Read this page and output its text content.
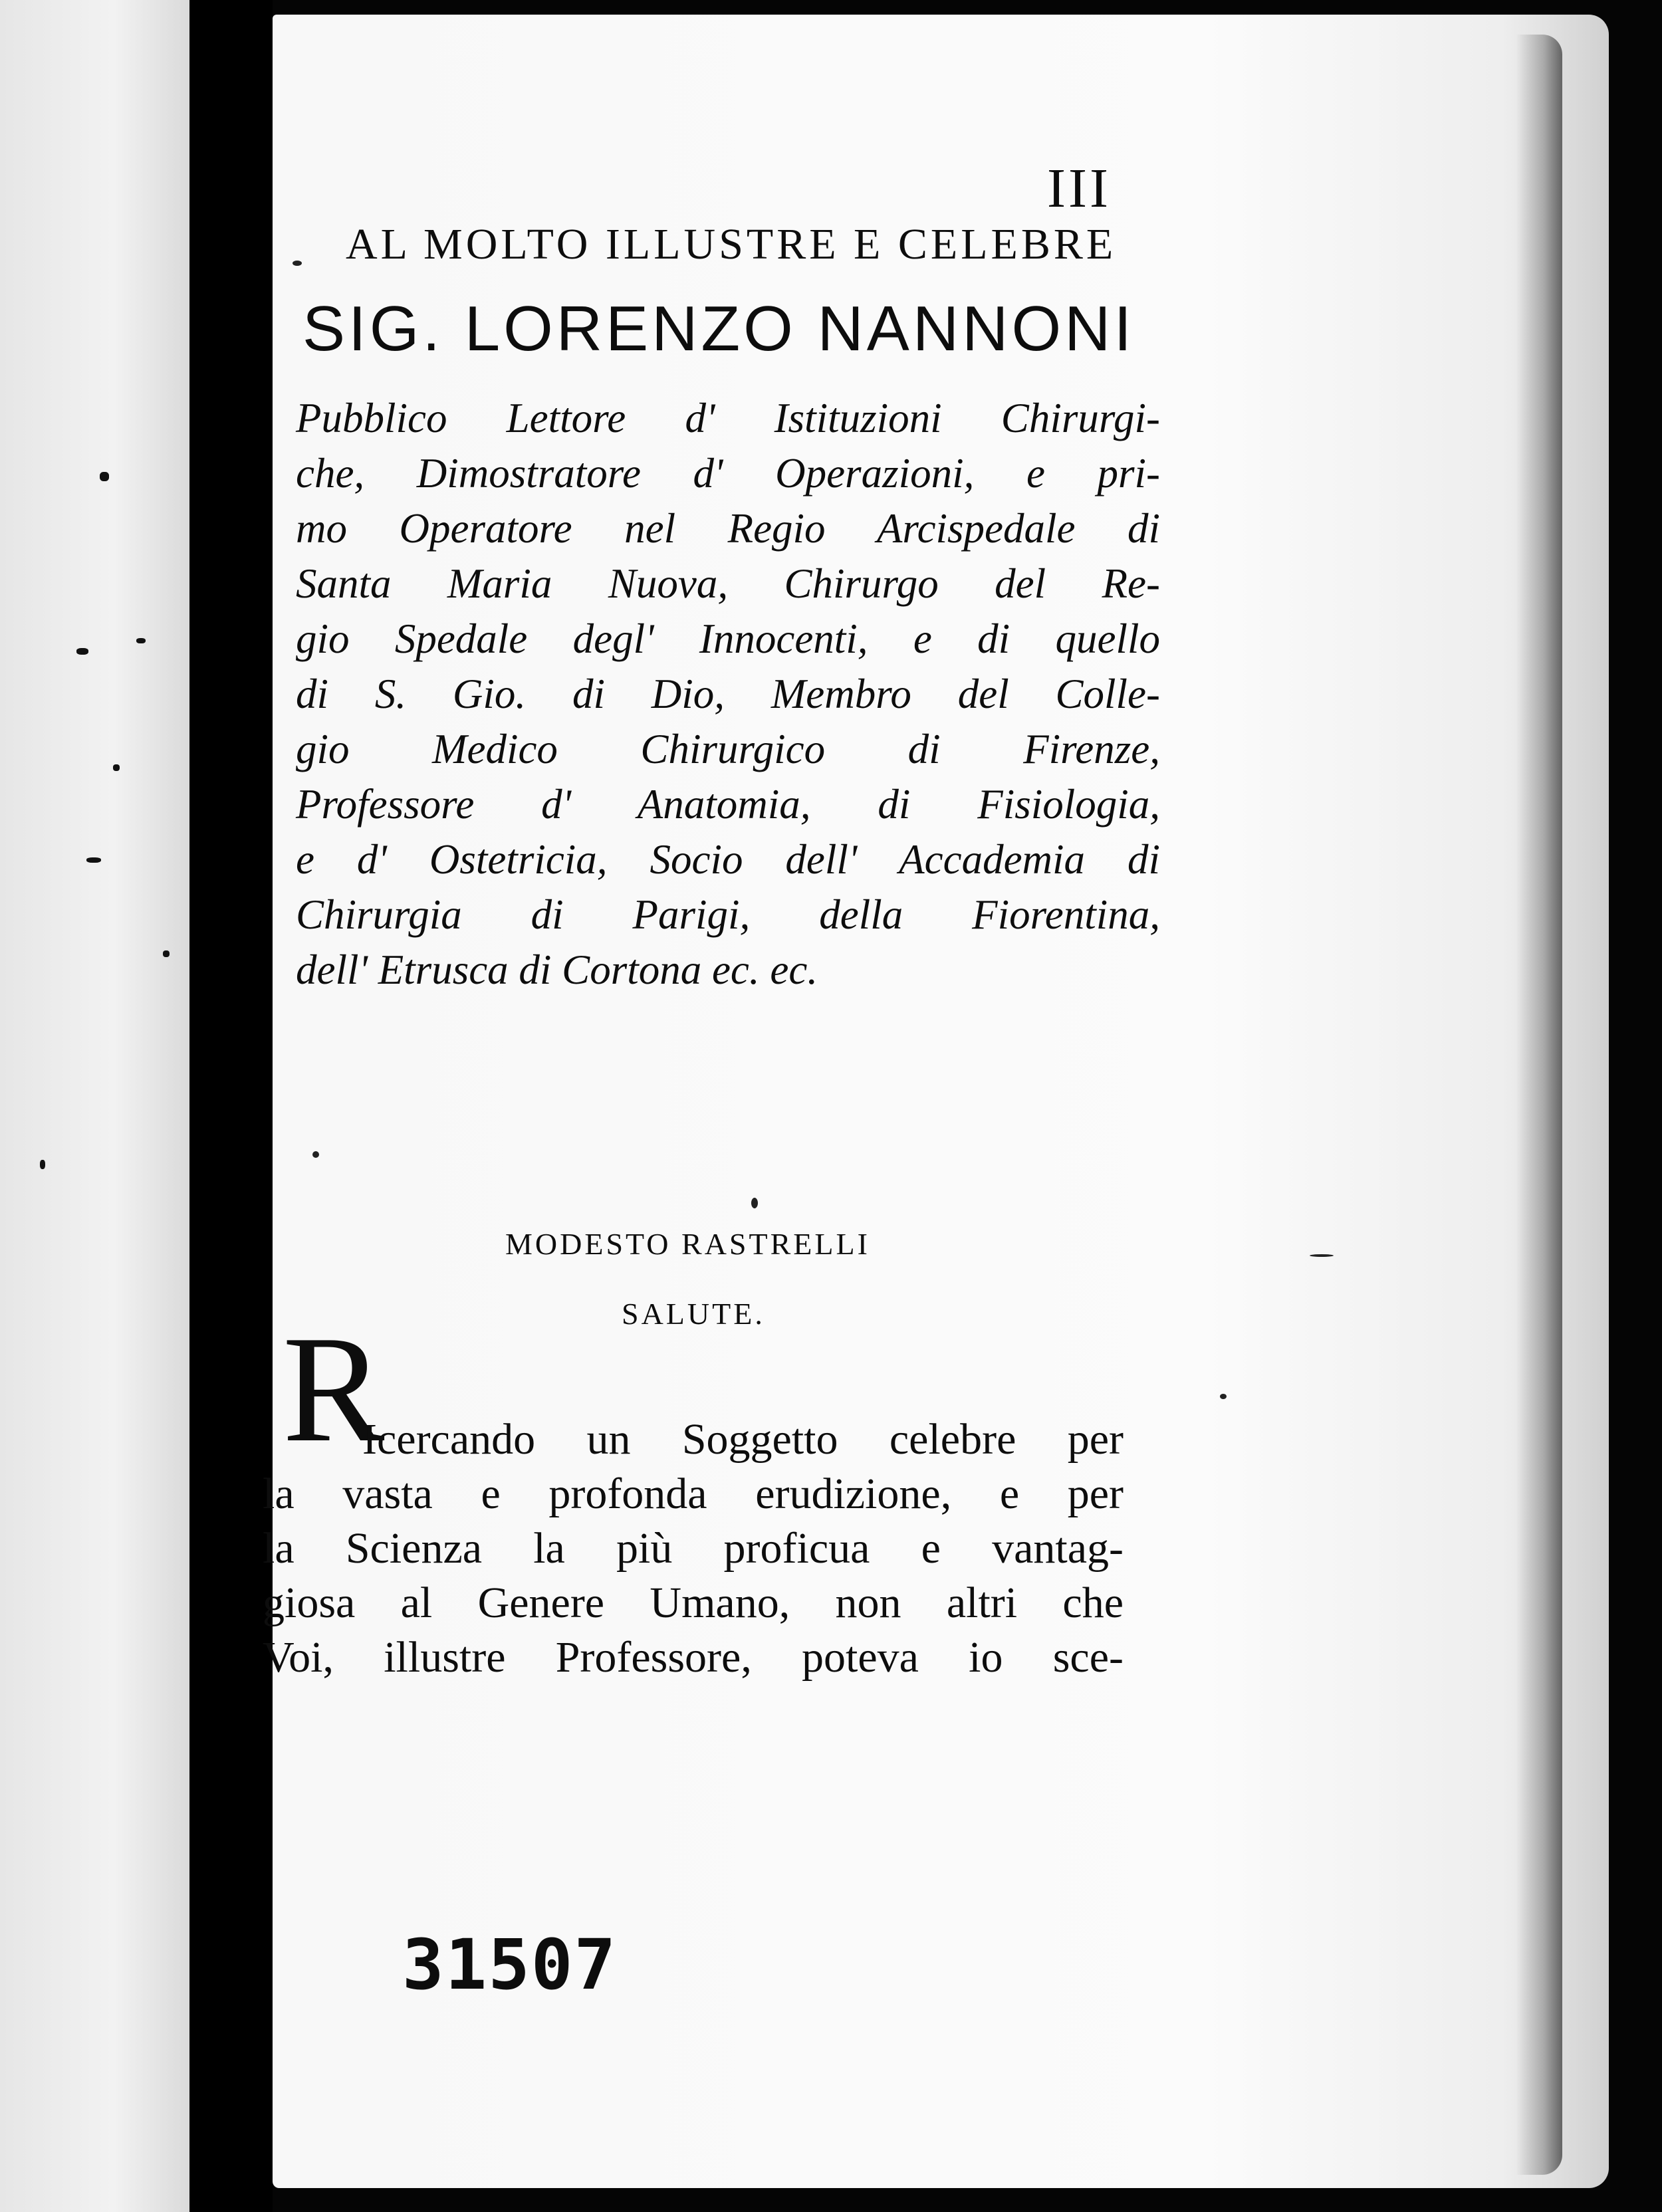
III
AL MOLTO ILLUSTRE E CELEBRE
SIG. LORENZO NANNONI
Pubblico Lettore d' Istituzioni Chirurgi-
che, Dimostratore d' Operazioni, e pri-
mo Operatore nel Regio Arcispedale di
Santa Maria Nuova, Chirurgo del Re-
gio Spedale degl' Innocenti, e di quello
di S. Gio. di Dio, Membro del Colle-
gio Medico Chirurgico di Firenze,
Professore d' Anatomia, di Fisiologia,
e d' Ostetricia, Socio dell' Accademia di
Chirurgia di Parigi, della Fiorentina,
dell' Etrusca di Cortona ec. ec.
MODESTO RASTRELLI
SALUTE.
R
Icercando un Soggetto celebre per
la vasta e profonda erudizione, e per
la Scienza la più proficua e vantag-
giosa al Genere Umano, non altri che
Voi, illustre Professore, poteva io sce-
31507
